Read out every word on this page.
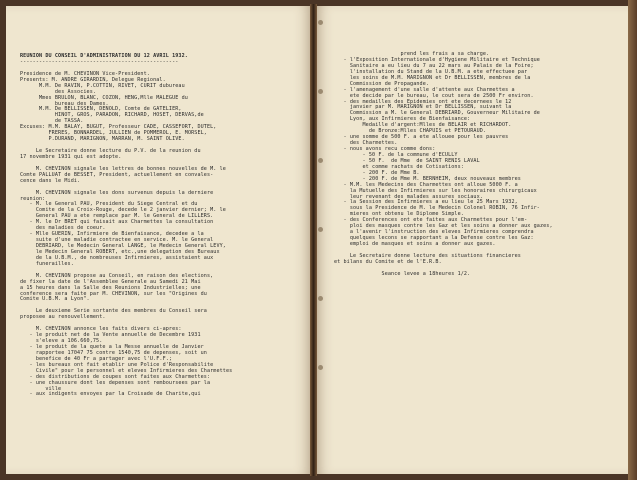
REUNION DU CONSEIL D'ADMINISTRATION DU 12 AVRIL 1932.
--------------------------------------------------
Presidence de M. CHEVINON Vice-President.
Presents: M. ANDRE GIRARDIN, Delegue Regional.
M.M. De RAVIN, P.COTTIN, RIVET, CURIT dubureau
des Associes.
Mmes BRULON, BLANC, COZON, HENG,Mlle MALEGUE du
bureau des Dames.
M.M. De BELLISSEN, DENOLD, Comte de GATELIER,
HINOT, GROS, PARADON, RICHARD, HOSET, DERVAS,de
de TASSA.
Excuses: M.M. BALAY, BUGUT, Professeur CADE, CASSEFORT, DUTEL,
FRERES, BONNARDEL, JULLIEN de POMMEROL, E. MORSEL,
P.DURAND, MARIGNON, MARRAN, M. SAINT OLIVE.
Le Secretaire donne lecture du P.V. de la reunion du
17 novembre 1931 qui est adopte.
M. CHEVINON signale les lettres de bonnes nouvelles de M. le
Comte PALLUAT de BESSET, President, actuellement en convales-
cence dans le Midi.
M. CHEVINON signale les dons survenus depuis la derniere
reunion:
- M. le General PAU, President du Siege Central et du
Comite de la Croix-Rouge, decede le 2 janvier dernier; M. le
General PAU a ete remplace par M. le General de LILLERS.
- M. le Dr BRET qui faisait aux Charmettes la consultation
des maladies de coeur.
- Mlle GUERIN, Infirmiere de Bienfaisance, decedee a la
suite d'une maladie contractee en service. M. le General
DEBRIARD, le Medecin General LANGE, le Medecin General LEVY,
le Medecin General ROBERT, etc.,une delegation des Bureaux
de la U.B.M., de nombreuses Infirmieres, assistaient aux
funerailles.
M. CHEVINON propose au Conseil, en raison des elections,
de fixer la date de l'Assemblee Generale au Samedi 21 Mai
a 15 heures dans la Salle des Reunions Industrielles; une
conference sera faite par M. CHEVINON, sur les "Origines du
Comite U.B.M. a Lyon".
Le deuxieme Serie sortante des membres du Conseil sera
proposee au renouvellement.
M. CHEVINON annonce les faits divers ci-apres:
- le produit net de la Vente annuelle de Decembre 1931
s'eleve a 106.660,75.
- le produit de la quete a la Messe annuelle de Janvier
rapportee 17047 75 contre 1540,75 de depenses, soit un
benefice de 40 Fr a partager avec l'U.F.F.;
- les bureaux ont fait etablir une Police d'Responsabilite
Civile" pour le personnel et eleves Infirmieres des Charmettes
- des distributions de coupes sont faites aux Charmettes:
- une chaussure dont les depenses sont remboursees par la
ville
- aux indigents envoyes par la Croisade de Charite,qui
prend les frais a sa charge.
- l'Exposition Internationale d'Hygiene Militaire et Technique
Sanitaire a eu lieu du 7 au 22 mars au Palais de la Foire;
l'installation du Stand de la U.B.M. a ete effectuee par
les soins de M.M. MARIGNON et Dr BELLISSEN, membres de la
Commission de Propagande.
- l'amenagement d'une salle d'attente aux Charmettes a
ete decide par le bureau, le cout sera de 2500 Fr environ.
- des medailles des Epidemies ont ete decernees le 12
janvier par M. MARIGNON et Dr BELLISSEN, suivant la
Commission a M. le General DEBRIARD, Gouverneur Militaire de
Lyon, aux Infirmieres de Bienfaisance:
Medaille d'argent:Mlles de BELAIR et RICHARDOT.
de Bronze:Mlles CHAPUIS et PETOURAUD.
- une somme de 500 F. a ete allouee pour les pauvres
des Charmettes.
- nous avons recu comme dons:
- 50 F. de la commune d'ECULLY
- 50 F.  de Mme  de SAINT RENIS LAVAL
et comme rachats de Cotisations:
- 200 F. de Mme B.
- 200 F. de Mme M. BERNHEIM, deux nouveaux membres
- M.M. les Medecins des Charmettes ont alloue 5000 F. a
la Mutuelle des Infirmieres sur les honoraires chirurgicaux
leur revenant des malades assures sociaux.
- la Session des Infirmieres a eu lieu le 25 Mars 1932,
sous la Presidence de M. le Medecin Colonel ROBIN, 76 Infir-
mieres ont obtenu le Diplome Simple.
- des Conferences ont ete faites aux Charmettes pour l'em-
ploi des masques contre les Gaz et les soins a donner aux gazes,
a l'avenir l'instruction des eleves Infirmieres comprendra
quelques lecons se rapportant a la Defense contre les Gaz:
emploi de masques et soins a donner aux gazes.
Le Secretaire donne lecture des situations financieres
et bilans du Comite et de l'E.R.B.
Seance levee a 18heures 1/2.
